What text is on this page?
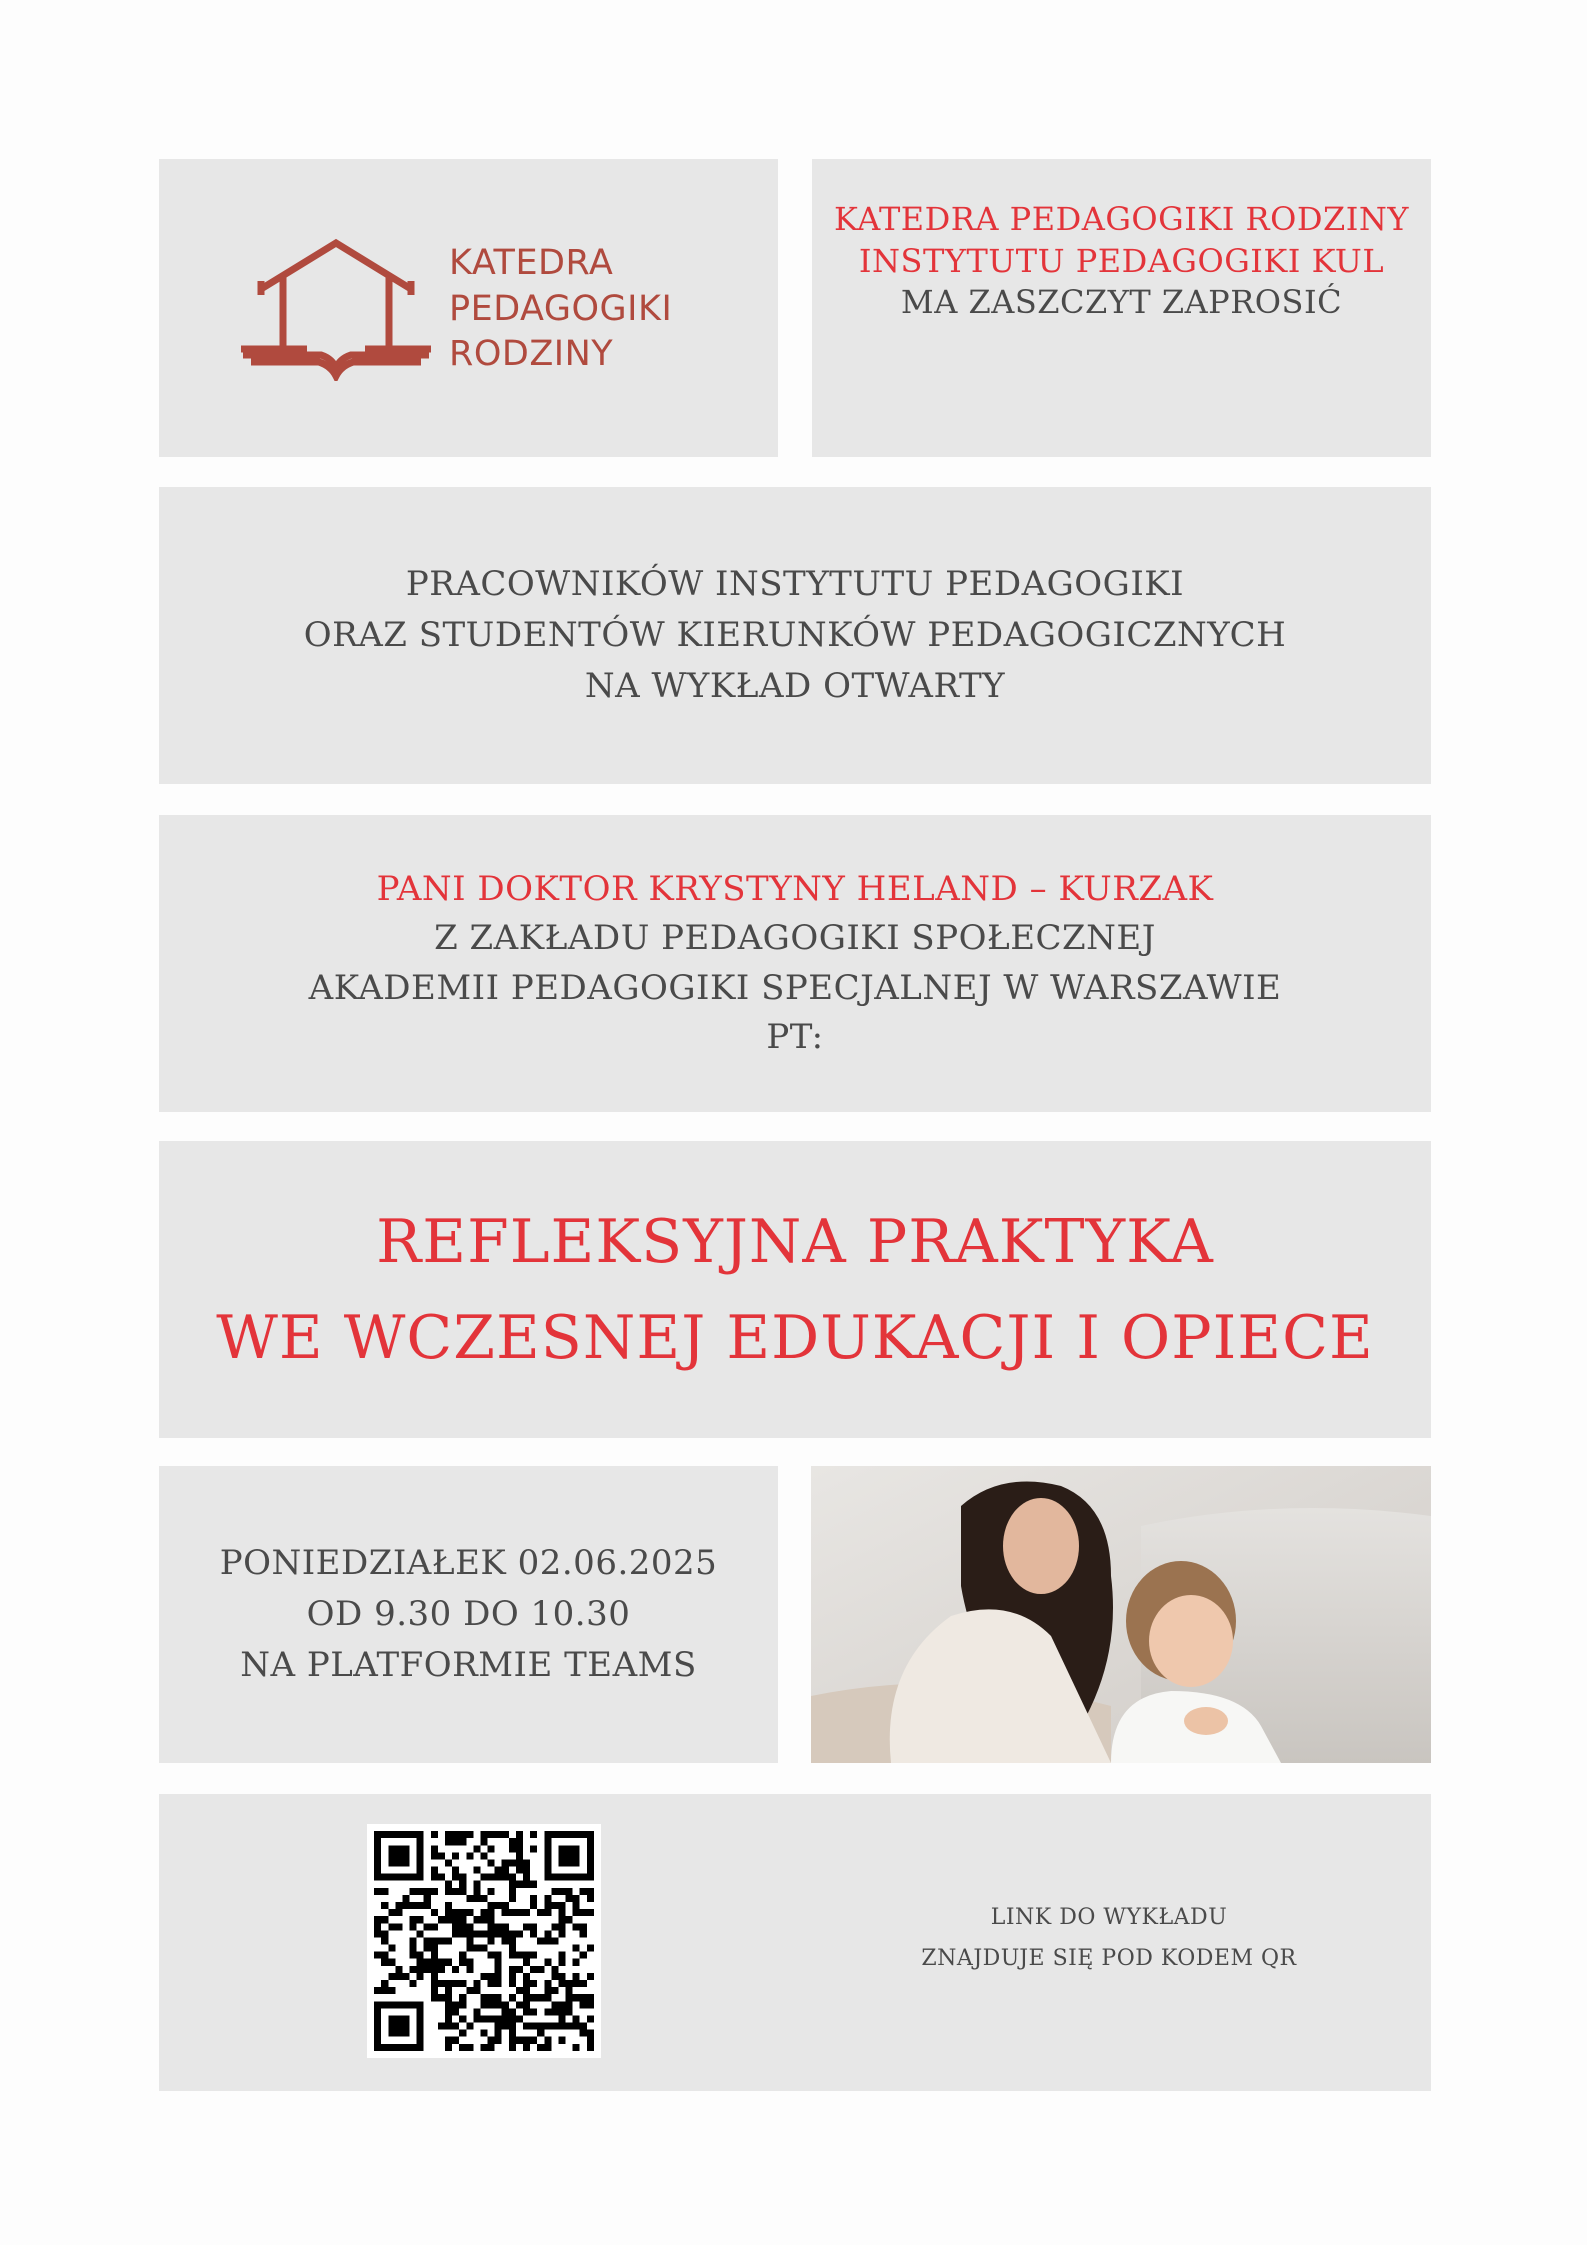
KATEDRA
PEDAGOGIKI
RODZINY
KATEDRA PEDAGOGIKI RODZINY
INSTYTUTU PEDAGOGIKI KUL
MA ZASZCZYT ZAPROSIĆ
PRACOWNIKÓW INSTYTUTU PEDAGOGIKI
ORAZ STUDENTÓW KIERUNKÓW PEDAGOGICZNYCH
NA WYKŁAD OTWARTY
PANI DOKTOR KRYSTYNY HELAND – KURZAK
Z ZAKŁADU PEDAGOGIKI SPOŁECZNEJ
AKADEMII PEDAGOGIKI SPECJALNEJ W WARSZAWIE
PT:
REFLEKSYJNA PRAKTYKA
WE WCZESNEJ EDUKACJI I OPIECE
PONIEDZIAŁEK 02.06.2025
OD 9.30 DO 10.30
NA PLATFORMIE TEAMS
LINK DO WYKŁADU
ZNAJDUJE SIĘ POD KODEM QR
